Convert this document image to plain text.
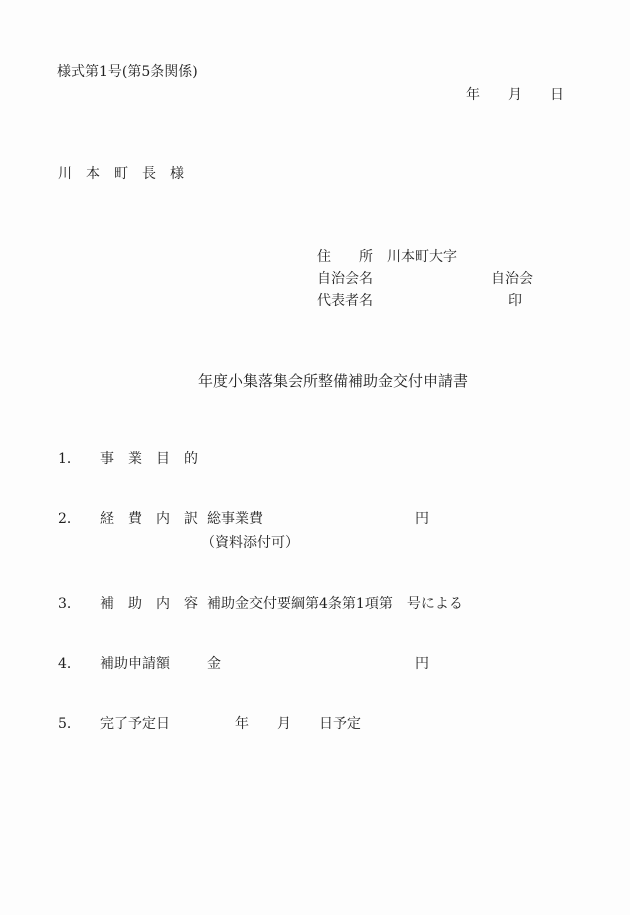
様式第1号(第5条関係)
年　　月　　日
川　本　町　長　様
住　　所　川本町大字
自治会名	自治会
代表者名	印
年度小集落集会所整備補助金交付申請書
1． 事　業　目　的
2． 経　費　内　訳 総事業費	円
（資料添付可）
3． 補　助　内　容 補助金交付要綱第4条第1項第　号による
4． 補助申請額	金	円
5． 完了予定日	　　年　　月　　日予定
